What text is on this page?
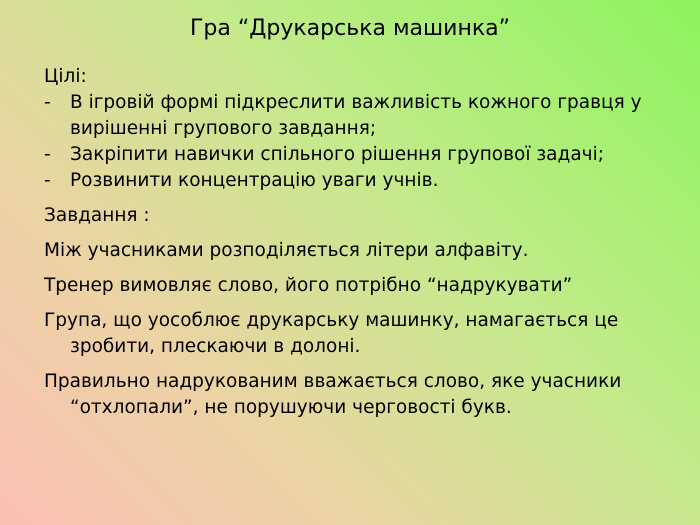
Гра “Друкарська машинка”

Цілі:

- В ігровій формі підкреслити важливість кожного гравця у вирішенні групового завдання;
- Закріпити навички спільного рішення групової задачі;
- Розвинити концентрацію уваги учнів.

Завдання :

Між учасниками розподіляється літери алфавіту.

Тренер вимовляє слово, його потрібно “надрукувати”

Група, що уособлює друкарську машинку, намагається це зробити, плескаючи в долоні.

Правильно надрукованим вважається слово, яке учасники “отхлопали”, не порушуючи черговості букв.
